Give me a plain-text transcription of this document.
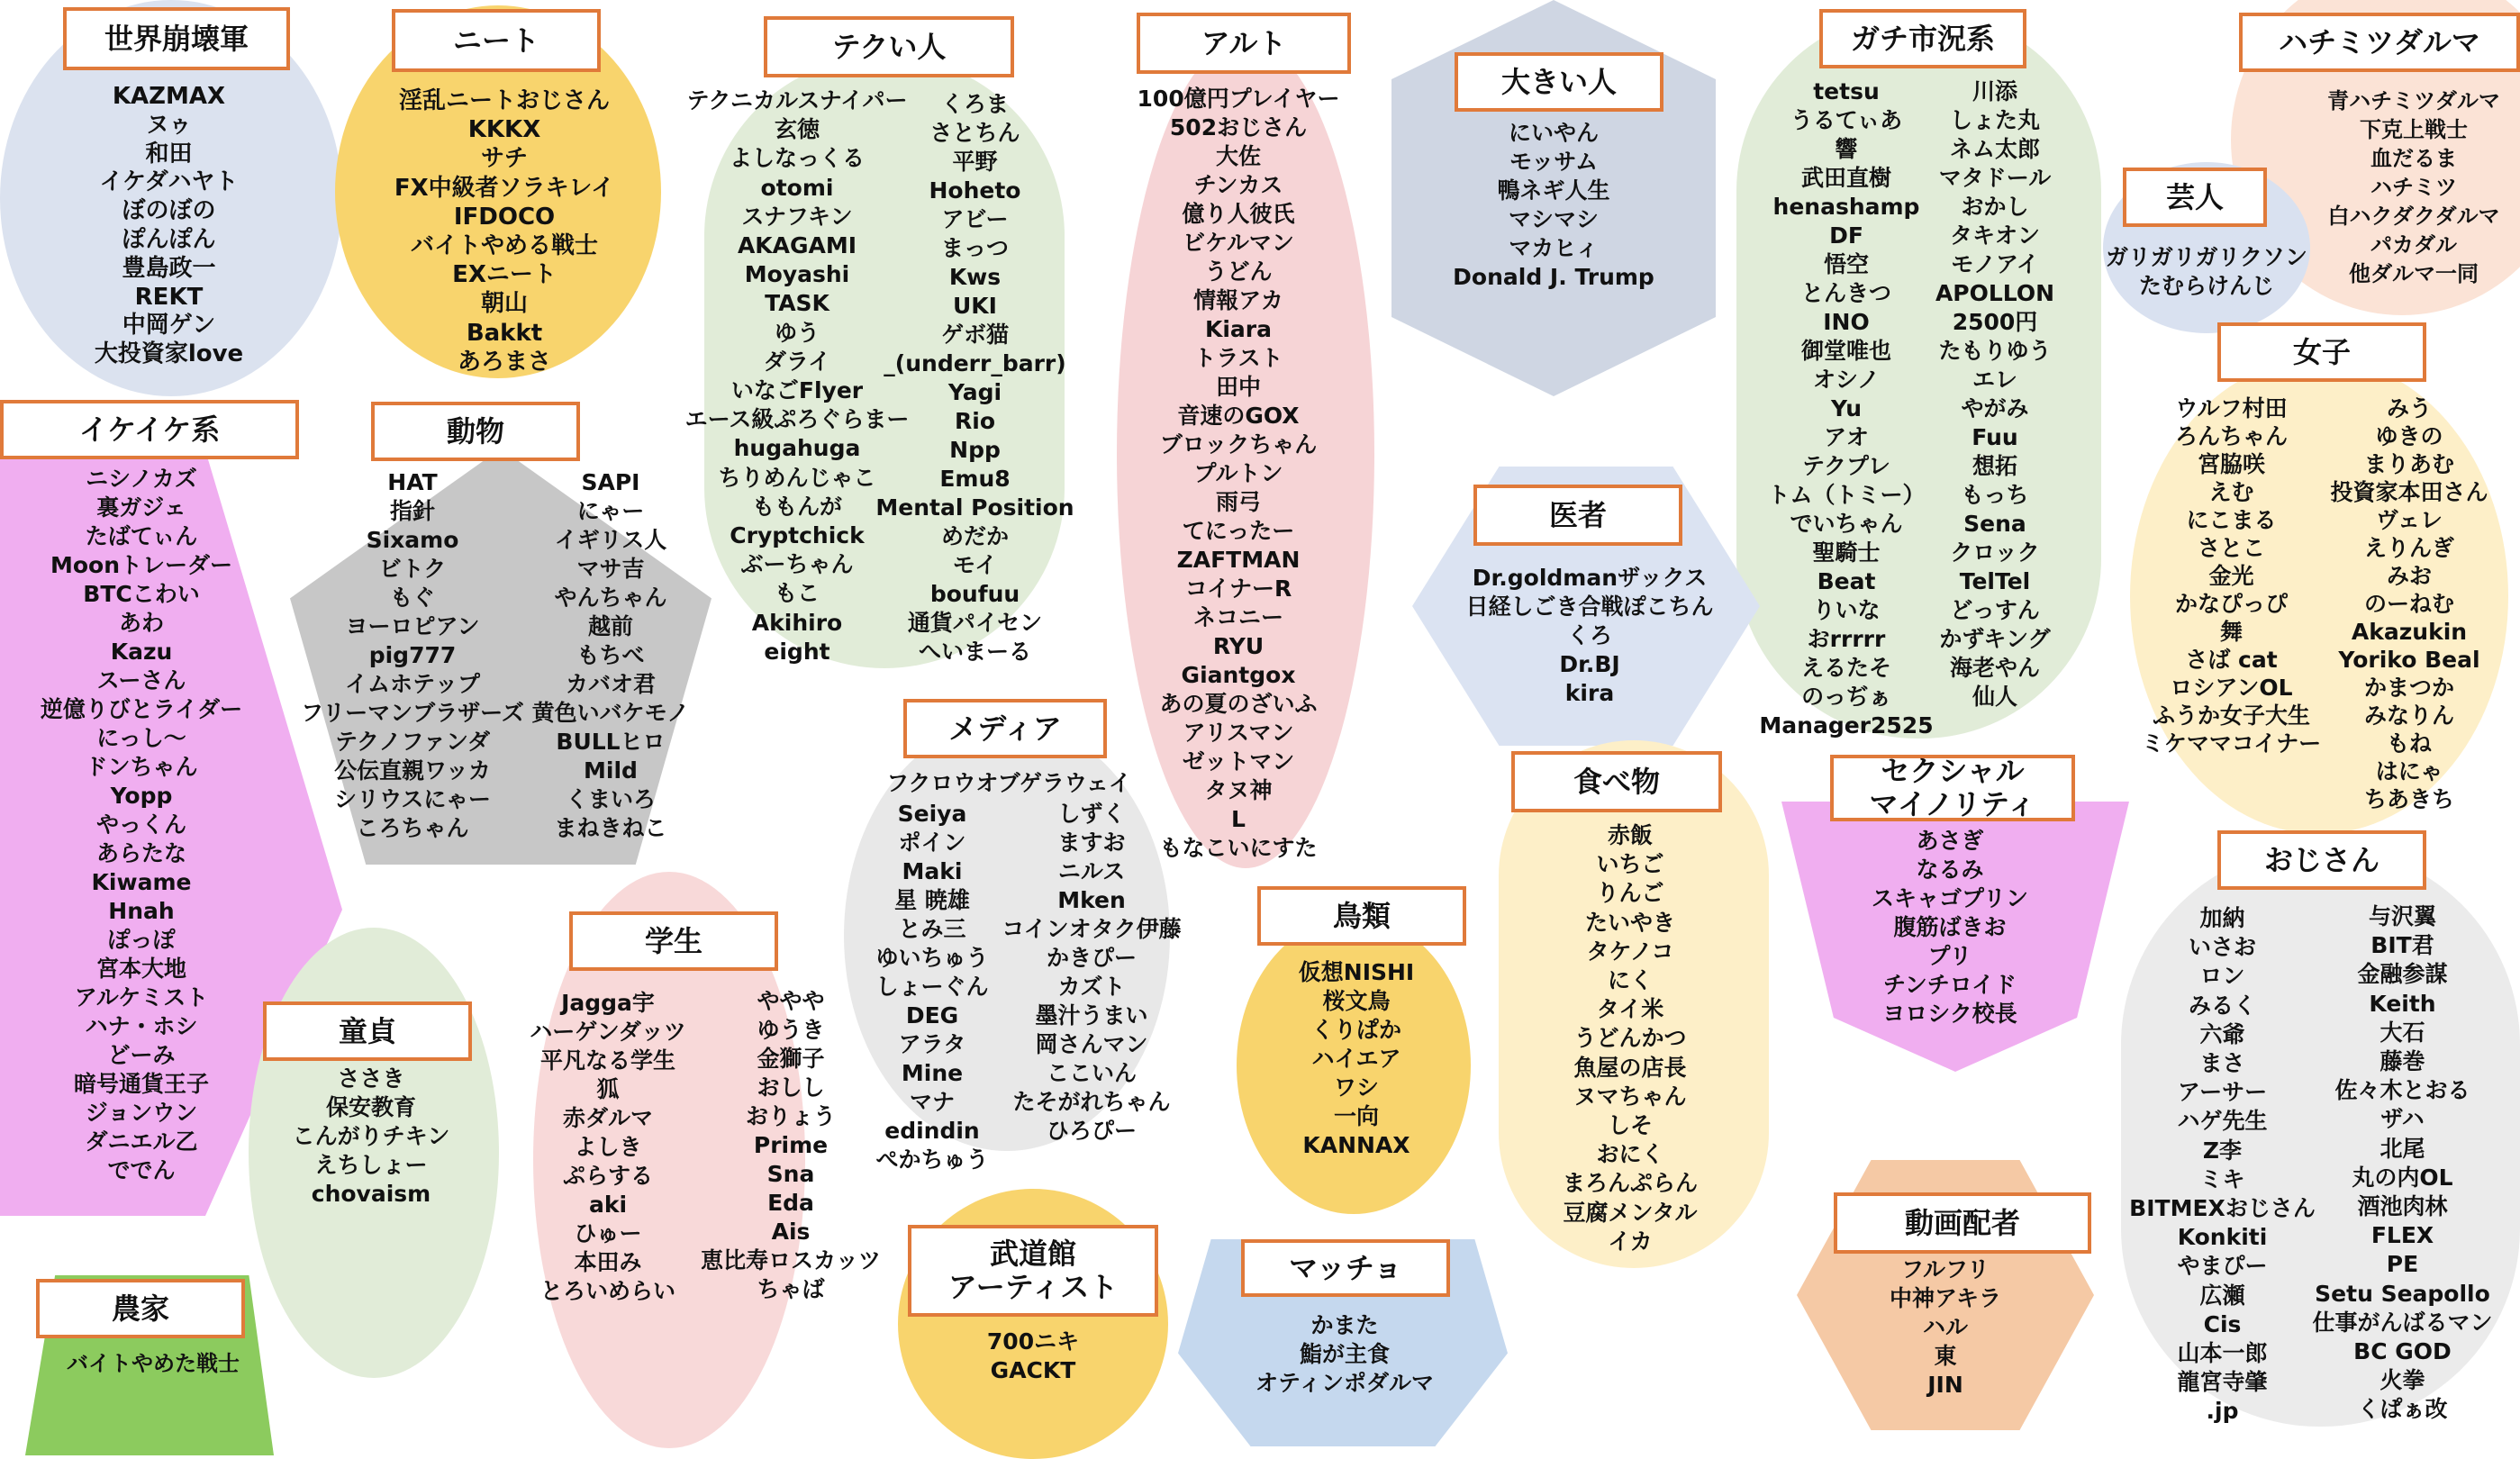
KAZMAX
ヌゥ
和田
イケダハヤト
ぼのぼの
ぽんぽん
豊島政一
REKT
中岡ゲン
大投資家love
世界崩壊軍
淫乱ニートおじさん
KKKX
サチ
FX中級者ソラキレイ
IFDOCO
バイトやめる戦士
EXニート
朝山
Bakkt
あろまさ
ニート
テクニカルスナイパー
玄徳
よしなっくる
otomi
スナフキン
AKAGAMI
Moyashi
TASK
ゆう
ダライ
いなごFlyer
エース級ぷろぐらまー
hugahuga
ちりめんじゃこ
ももんが
Cryptchick
ぶーちゃん
もこ
Akihiro
eight
くろま
さとちん
平野
Hoheto
アビー
まっつ
Kws
UKI
ゲボ猫
_(underr_barr)
Yagi
Rio
Npp
Emu8
Mental Position
めだか
モイ
boufuu
通貨パイセン
へいまーる
テクい人
100億円プレイヤー
502おじさん
大佐
チンカス
億り人彼氏
ビケルマン
うどん
情報アカ
Kiara
トラスト
田中
音速のGOX
ブロックちゃん
プルトン
雨弓
てにったー
ZAFTMAN
コイナーR
ネコニー
RYU
Giantgox
あの夏のざいふ
アリスマン
ゼットマン
タヌ神
L
もなこいにすた
アルト
にいやん
モッサム
鴨ネギ人生
マシマシ
マカヒィ
Donald J. Trump
大きい人	tetsu
うるてぃあ
響
武田直樹
henashamp
DF
悟空
とんきつ
INO
御堂唯也
オシノ
Yu
アオ
テクプレ
トム（トミー）
でいちゃん
聖騎士
Beat
りいな
おrrrrr
えるたそ
のっぢぁ
Manager2525
川添
しょた丸
ネム太郎
マタドール
おかし
タキオン
モノアイ
APOLLON
2500円
たもりゆう
エレ
やがみ
Fuu
想拓
もっち
Sena
クロック
TelTel
どっすん
かずキング
海老やん
仙人
ガチ市況系
青ハチミツダルマ
下克上戦士
血だるま
ハチミツ
白ハクダクダルマ
パカダル
他ダルマ一同
ハチミツダルマ
ガリガリガリクソン
たむらけんじ
芸人
ウルフ村田
ろんちゃん
宮脇咲
えむ
にこまる
さとこ
金光
かなぴっぴ
舞
さば cat
ロシアンOL
ふうか女子大生
ミケママコイナー
みう
ゆきの
まりあむ
投資家本田さん
ヴェレ
えりんぎ
みお
のーねむ
Akazukin
Yoriko Beal
かまつか
みなりん
もね
はにゃ
ちあきち
女子
ニシノカズ
裏ガジェ
たばてぃん
Moonトレーダー
BTCこわい
あわ
Kazu
スーさん
逆億りびとライダー
にっし～
ドンちゃん
Yopp
やっくん
あらたな
Kiwame
Hnah
ぽっぽ
宮本大地
アルケミスト
ハナ・ホシ
どーみ
暗号通貨王子
ジョンウン
ダニエル乙
ででん
イケイケ系
HAT
指針
Sixamo
ビトク
もぐ
ヨーロピアン
pig777
イムホテップ
フリーマンブラザーズ
テクノファンダ
公伝直親ワッカ
シリウスにゃー
ころちゃん
SAPI
にゃー
イギリス人
マサ吉
やんちゃん
越前
もちべ
カバオ君
黄色いバケモノ
BULLヒロ
Mild
くまいろ
まねきねこ
動物
Dr.goldmanザックス
日経しごき合戦ぽこちん
くろ
Dr.BJ
kira
医者
フクロウオブゲラウェイ
Seiya
ポイン
Maki
星 暁雄
とみ三
ゆいちゅう
しょーぐん
DEG
アラタ
Mine
マナ
edindin
ぺかちゅう
しずく
ますお
ニルス
Mken
コインオタク伊藤
かきぴー
カズト
墨汁うまい
岡さんマン
ここいん
たそがれちゃん
ひろぴー
メディア
赤飯
いちご
りんご
たいやき
タケノコ
にく
タイ米
うどんかつ
魚屋の店長
ヌマちゃん
しそ
おにく
まろんぷらん
豆腐メンタル
イカ
食べ物
あさぎ
なるみ
スキャゴプリン
腹筋ばきお
プリ
チンチロイド
ヨロシク校長
セクシャル
マイノリティ
加納
いさお
ロン
みるく
六爺
まさ
アーサー
ハゲ先生
Z李
ミキ
BITMEXおじさん
Konkiti
やまぴー
広瀬
Cis
山本一郎
龍宮寺肇
.jp
与沢翼
BIT君
金融参謀
Keith
大石
藤巻
佐々木とおる
ザハ
北尾
丸の内OL
酒池肉林
FLEX
PE
Setu Seapollo
仕事がんばるマン
BC GOD
火拳
くぱぁ改
おじさん
ささき
保安教育
こんがりチキン
えちしょー
chovaism
童貞
Jagga宇
ハーゲンダッツ
平凡なる学生
狐
赤ダルマ
よしき
ぷらする
aki
ひゅー
本田み
とろいめらい
ややや
ゆうき
金獅子
おしし
おりょう
Prime
Sna
Eda
Ais
恵比寿ロスカッツ
ちゃば
学生
仮想NISHI
桜文鳥
くりぱか
ハイエア
ワシ
一向
KANNAX
鳥類
700ニキ
GACKT
武道館
アーティスト
かまた
鮨が主食
オティンポダルマ
マッチョ	フルフリ
中神アキラ
ハル
東
JIN
動画配者
バイトやめた戦士
農家
